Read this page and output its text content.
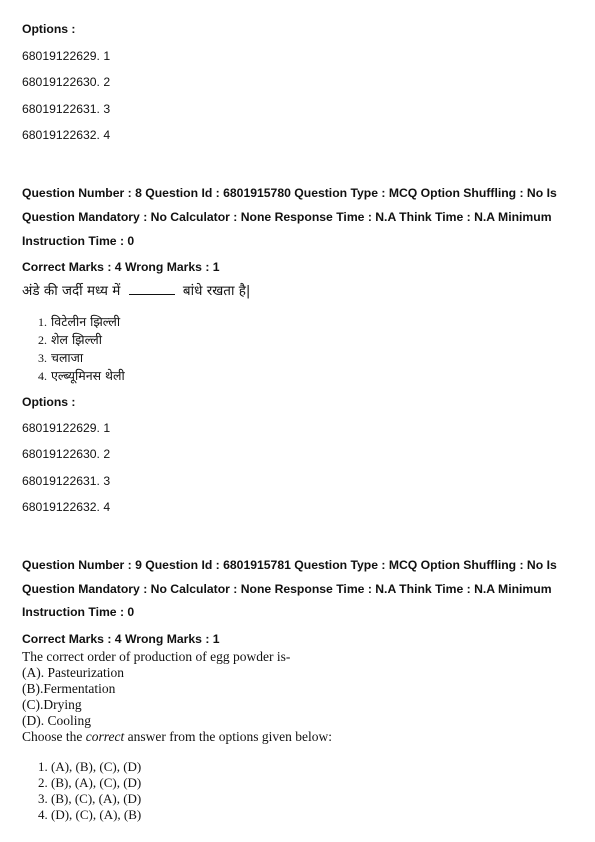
Options :
68019122629. 1
68019122630. 2
68019122631. 3
68019122632. 4
Question Number : 8 Question Id : 6801915780 Question Type : MCQ Option Shuffling : No Is
Question Mandatory : No Calculator : None Response Time : N.A Think Time : N.A Minimum
Instruction Time : 0
Correct Marks : 4 Wrong Marks : 1
अंडे की जर्दी मध्य में	बांधे रखता है|
1. विटेलीन झिल्ली
2. शेल झिल्ली
3. चलाजा
4. एल्ब्यूमिनस थेली
Options :
68019122629. 1
68019122630. 2
68019122631. 3
68019122632. 4
Question Number : 9 Question Id : 6801915781 Question Type : MCQ Option Shuffling : No Is
Question Mandatory : No Calculator : None Response Time : N.A Think Time : N.A Minimum
Instruction Time : 0
Correct Marks : 4 Wrong Marks : 1
The correct order of production of egg powder is-
(A). Pasteurization
(B).Fermentation
(C).Drying
(D). Cooling
Choose the correct answer from the options given below:
1. (A), (B), (C), (D)
2. (B), (A), (C), (D)
3. (B), (C), (A), (D)
4. (D), (C), (A), (B)
